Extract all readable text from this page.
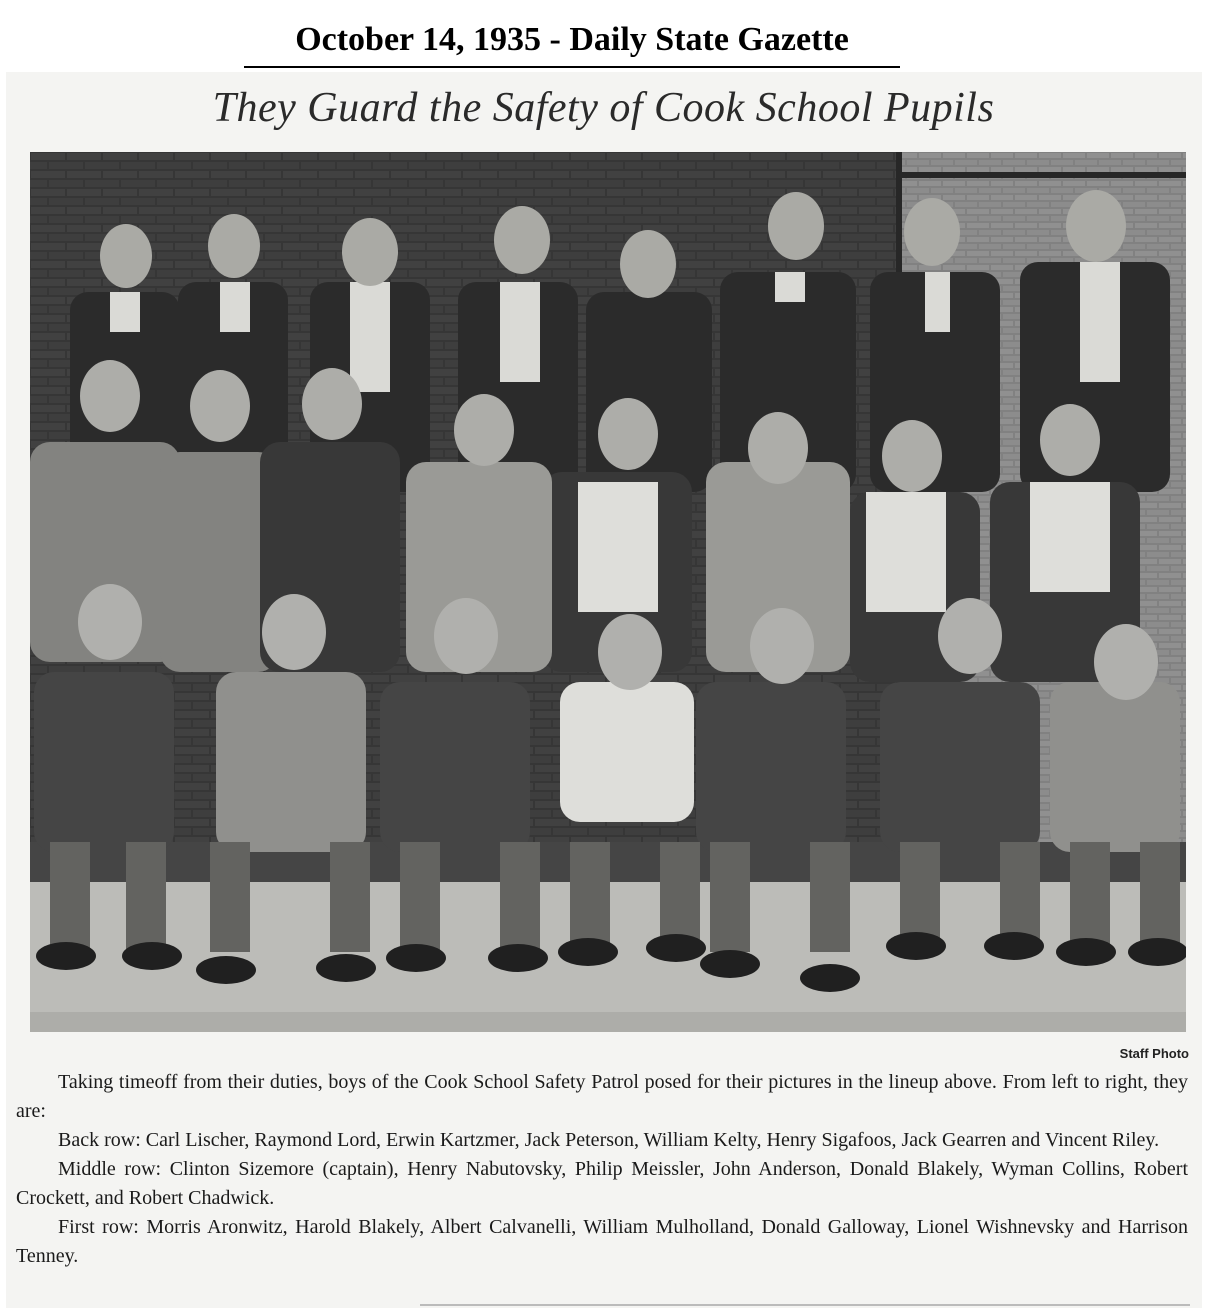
October 14, 1935 - Daily State Gazette
They Guard the Safety of Cook School Pupils
Staff Photo

Taking timeoff from their duties, boys of the Cook School Safety Patrol posed for their pictures in the lineup above. From left to right, they are:

Back row: Carl Lischer, Raymond Lord, Erwin Kartzmer, Jack Peterson, William Kelty, Henry Sigafoos, Jack Gearren and Vincent Riley.

Middle row: Clinton Sizemore (captain), Henry Nabutovsky, Philip Meissler, John Anderson, Donald Blakely, Wyman Collins, Robert Crockett, and Robert Chadwick.

First row: Morris Aronwitz, Harold Blakely, Albert Calvanelli, William Mulholland, Donald Galloway, Lionel Wishnevsky and Harrison Tenney.
